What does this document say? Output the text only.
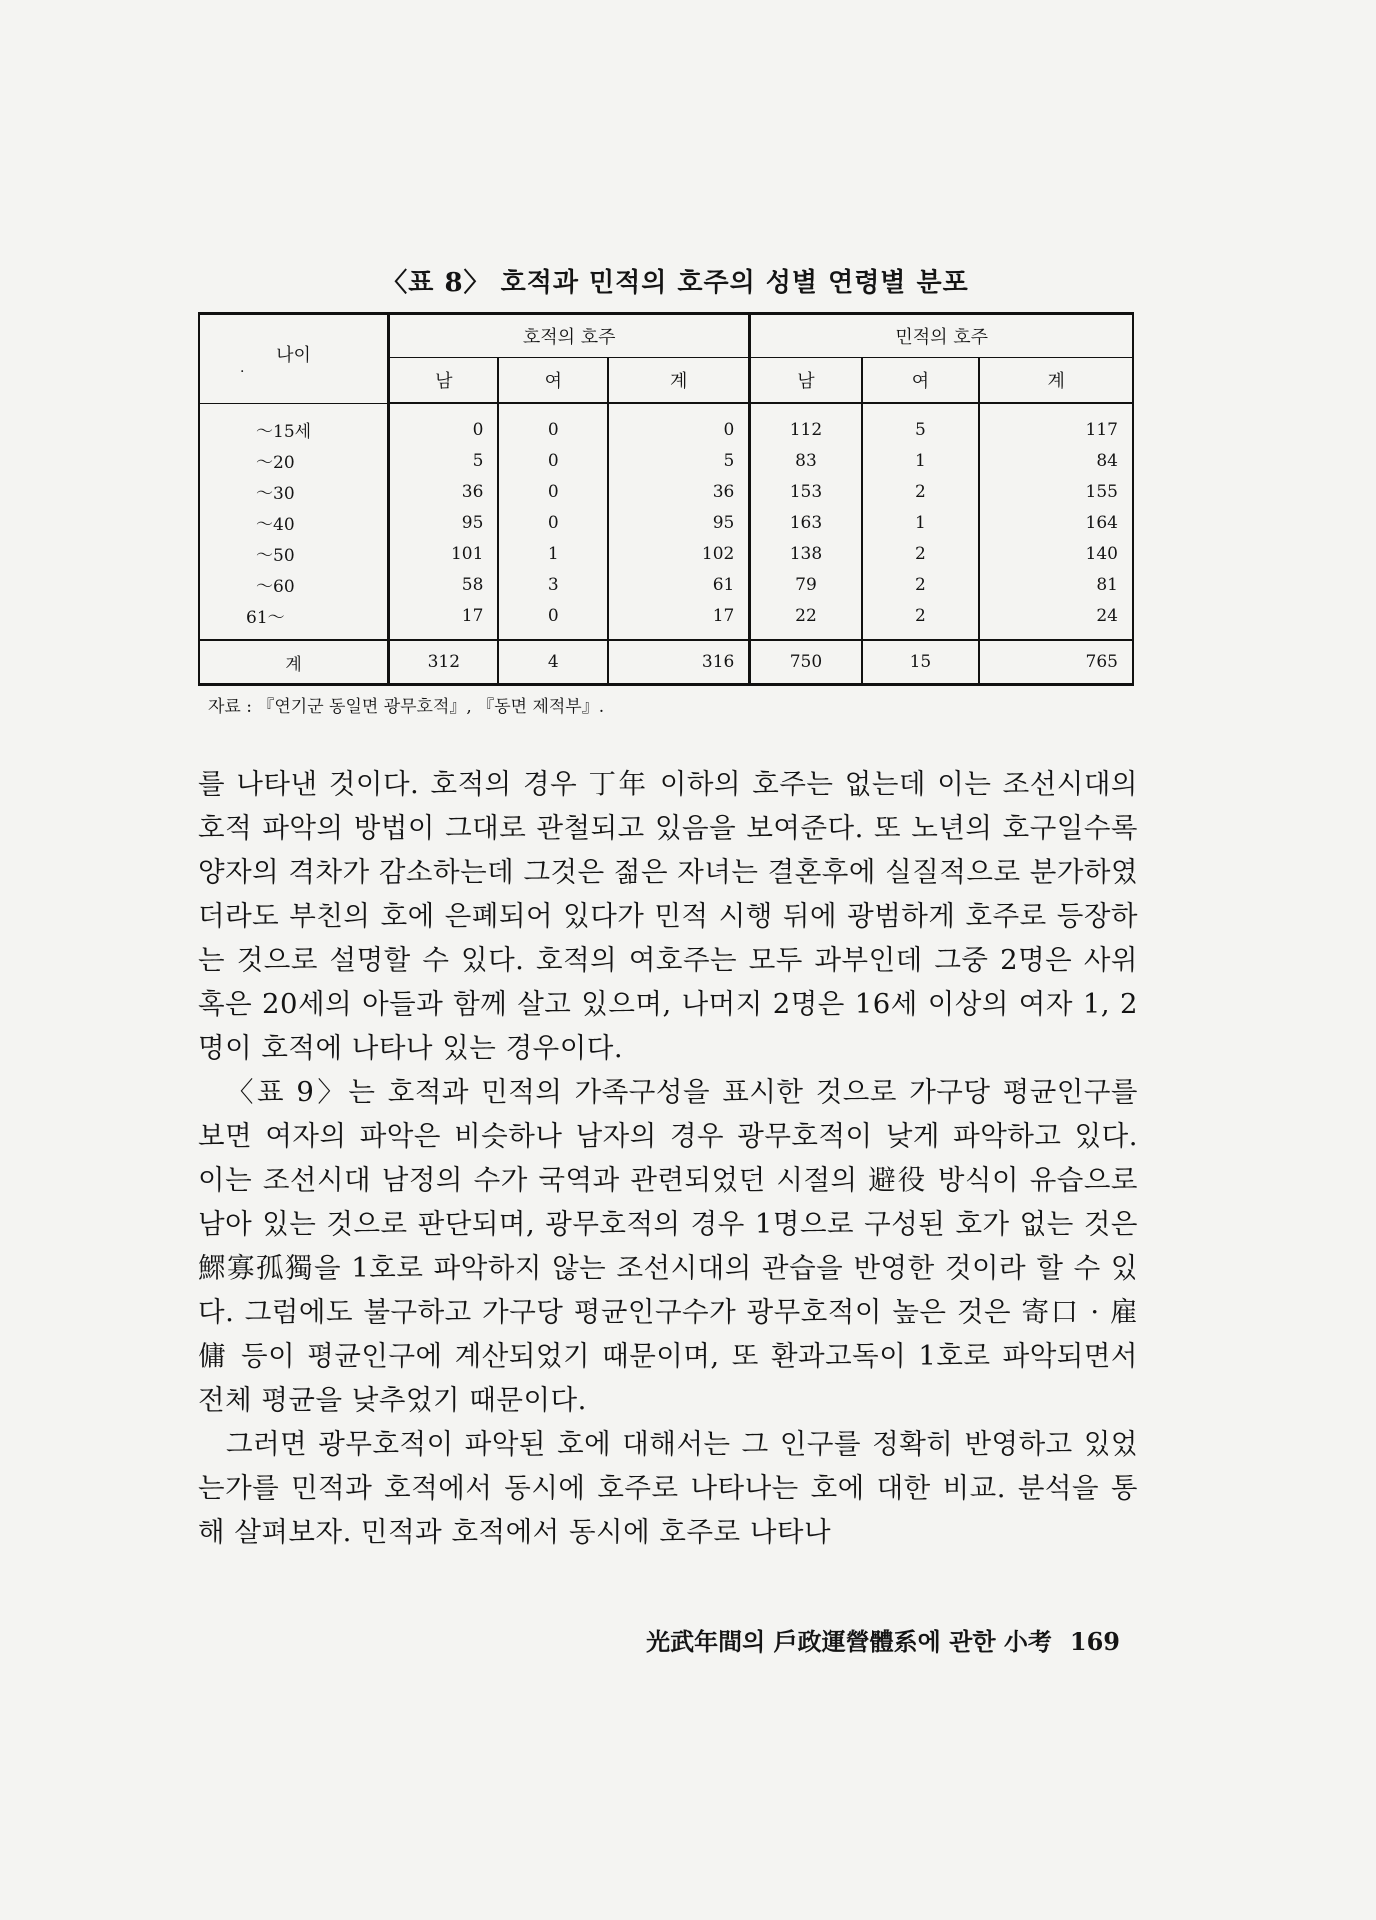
〈표 8〉 호적과 민적의 호주의 성별 연령별 분포
나이
·	호적의 호주			민적의 호주		
	남	여	계	남	여	계
～15세	0	0	0	112	5	117
～20	5	0	5	83	1	84
～30	36	0	36	153	2	155
～40	95	0	95	163	1	164
～50	101	1	102	138	2	140
～60	58	3	61	79	2	81
61～	17	0	17	22	2	24
계	312	4	316	750	15	765
자료 : 『연기군 동일면 광무호적』, 『동면 제적부』.

를 나타낸 것이다. 호적의 경우 丁年 이하의 호주는 없는데 이는 조선시대의 호적 파악의 방법이 그대로 관철되고 있음을 보여준다. 또 노년의 호구일수록 양자의 격차가 감소하는데 그것은 젊은 자녀는 결혼후에 실질적으로 분가하였더라도 부친의 호에 은폐되어 있다가 민적 시행 뒤에 광범하게 호주로 등장하는 것으로 설명할 수 있다. 호적의 여호주는 모두 과부인데 그중 2명은 사위 혹은 20세의 아들과 함께 살고 있으며, 나머지 2명은 16세 이상의 여자 1, 2명이 호적에 나타나 있는 경우이다.

〈표 9〉는 호적과 민적의 가족구성을 표시한 것으로 가구당 평균인구를 보면 여자의 파악은 비슷하나 남자의 경우 광무호적이 낮게 파악하고 있다. 이는 조선시대 남정의 수가 국역과 관련되었던 시절의 避役 방식이 유습으로 남아 있는 것으로 판단되며, 광무호적의 경우 1명으로 구성된 호가 없는 것은 鰥寡孤獨을 1호로 파악하지 않는 조선시대의 관습을 반영한 것이라 할 수 있다. 그럼에도 불구하고 가구당 평균인구수가 광무호적이 높은 것은 寄口 · 雇傭 등이 평균인구에 계산되었기 때문이며, 또 환과고독이 1호로 파악되면서 전체 평균을 낮추었기 때문이다.

그러면 광무호적이 파악된 호에 대해서는 그 인구를 정확히 반영하고 있었는가를 민적과 호적에서 동시에 호주로 나타나는 호에 대한 비교. 분석을 통해 살펴보자. 민적과 호적에서 동시에 호주로 나타나

光武年間의 戶政運營體系에 관한 小考 169
